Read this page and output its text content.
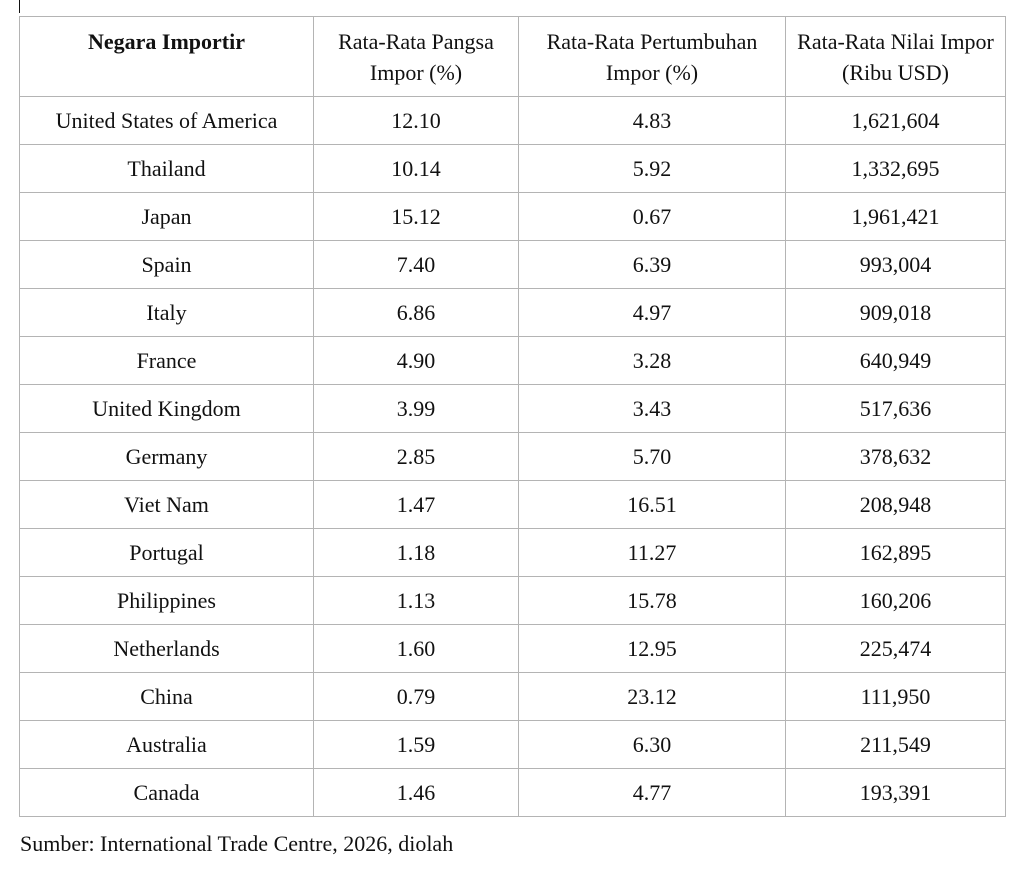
Negara Importir	Rata-Rata Pangsa Impor (%)	Rata-Rata Pertumbuhan Impor (%)	Rata-Rata Nilai Impor (Ribu USD)
United States of America	12.10	4.83	1,621,604
Thailand	10.14	5.92	1,332,695
Japan	15.12	0.67	1,961,421
Spain	7.40	6.39	993,004
Italy	6.86	4.97	909,018
France	4.90	3.28	640,949
United Kingdom	3.99	3.43	517,636
Germany	2.85	5.70	378,632
Viet Nam	1.47	16.51	208,948
Portugal	1.18	11.27	162,895
Philippines	1.13	15.78	160,206
Netherlands	1.60	12.95	225,474
China	0.79	23.12	111,950
Australia	1.59	6.30	211,549
Canada	1.46	4.77	193,391
Sumber: International Trade Centre, 2026, diolah
